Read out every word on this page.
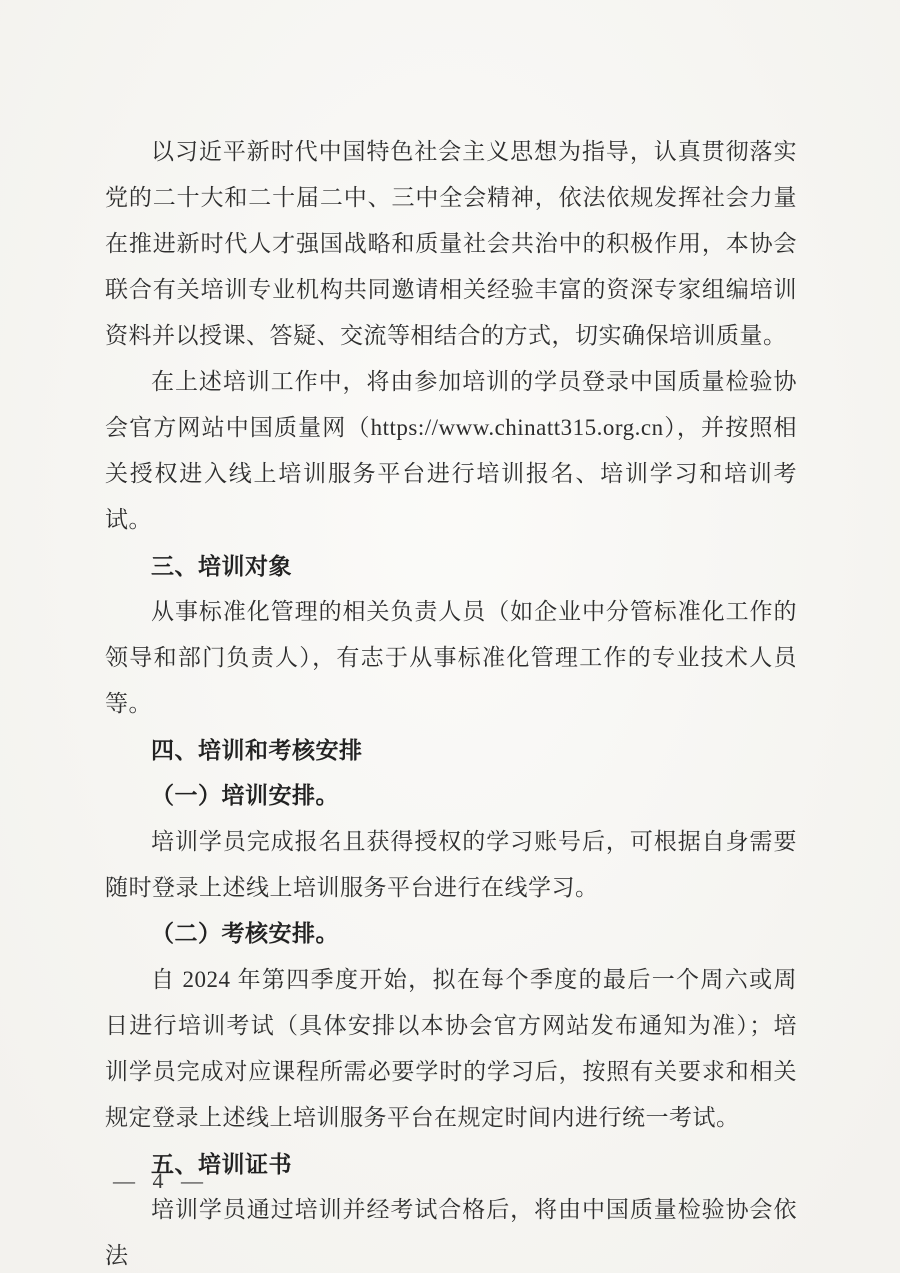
以习近平新时代中国特色社会主义思想为指导，认真贯彻落实党的二十大和二十届二中、三中全会精神，依法依规发挥社会力量在推进新时代人才强国战略和质量社会共治中的积极作用，本协会联合有关培训专业机构共同邀请相关经验丰富的资深专家组编培训资料并以授课、答疑、交流等相结合的方式，切实确保培训质量。

在上述培训工作中，将由参加培训的学员登录中国质量检验协会官方网站中国质量网（https://www.chinatt315.org.cn），并按照相关授权进入线上培训服务平台进行培训报名、培训学习和培训考试。

三、培训对象

从事标准化管理的相关负责人员（如企业中分管标准化工作的领导和部门负责人），有志于从事标准化管理工作的专业技术人员等。

四、培训和考核安排

（一）培训安排。

培训学员完成报名且获得授权的学习账号后，可根据自身需要随时登录上述线上培训服务平台进行在线学习。

（二）考核安排。

自 2024 年第四季度开始，拟在每个季度的最后一个周六或周日进行培训考试（具体安排以本协会官方网站发布通知为准）；培训学员完成对应课程所需必要学时的学习后，按照有关要求和相关规定登录上述线上培训服务平台在规定时间内进行统一考试。

五、培训证书

培训学员通过培训并经考试合格后，将由中国质量检验协会依法

— 4 —
